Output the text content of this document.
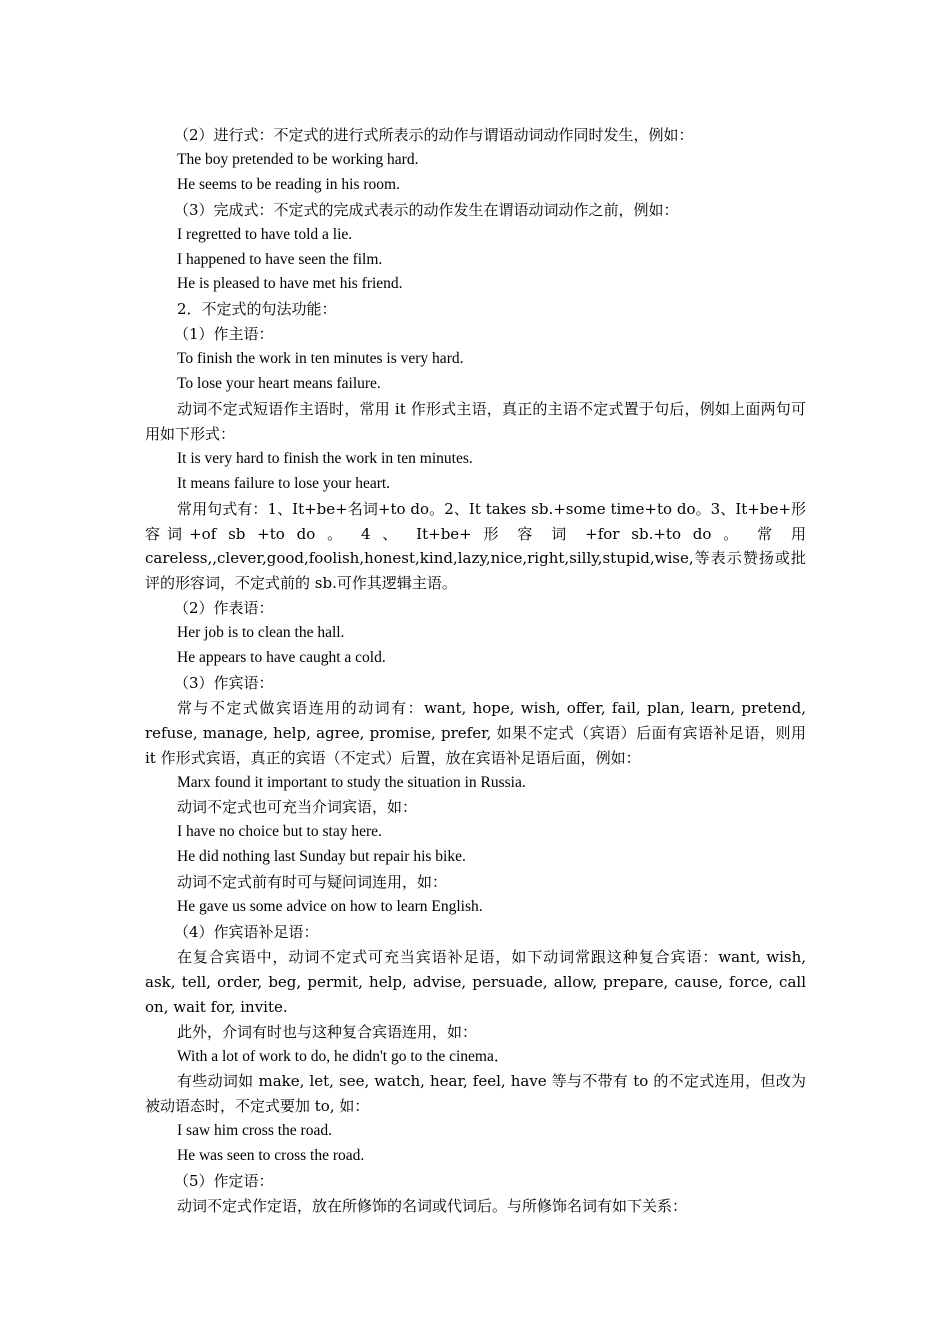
（2）进行式：不定式的进行式所表示的动作与谓语动词动作同时发生，例如：

The boy pretended to be working hard.

He seems to be reading in his room.

（3）完成式：不定式的完成式表示的动作发生在谓语动词动作之前，例如：

I regretted to have told a lie.

I happened to have seen the film.

He is pleased to have met his friend.

2．不定式的句法功能：

（1）作主语：

To finish the work in ten minutes is very hard.

To lose your heart means failure.

动词不定式短语作主语时，常用 it 作形式主语，真正的主语不定式置于句后，例如上面两句可用如下形式：

It is very hard to finish the work in ten minutes.

It means failure to lose your heart.

常用句式有：1、It+be+名词+to do。2、It takes sb.+some time+to do。3、It+be+形容词+of sb +to do 。 4 、 It+be+ 形 容 词 +for sb.+to do 。 常 用 careless,,clever,good,foolish,honest,kind,lazy,nice,right,silly,stupid,wise,等表示赞扬或批评的形容词，不定式前的 sb.可作其逻辑主语。

（2）作表语：

Her job is to clean the hall.

He appears to have caught a cold.

（3）作宾语：

常与不定式做宾语连用的动词有：want, hope, wish, offer, fail, plan, learn, pretend, refuse, manage, help, agree, promise, prefer, 如果不定式（宾语）后面有宾语补足语，则用 it 作形式宾语，真正的宾语（不定式）后置，放在宾语补足语后面，例如：

Marx found it important to study the situation in Russia.

动词不定式也可充当介词宾语，如：

I have no choice but to stay here.

He did nothing last Sunday but repair his bike.

动词不定式前有时可与疑问词连用，如：

He gave us some advice on how to learn English.

（4）作宾语补足语：

在复合宾语中，动词不定式可充当宾语补足语，如下动词常跟这种复合宾语：want, wish, ask, tell, order, beg, permit, help, advise, persuade, allow, prepare, cause, force, call on, wait for, invite.

此外，介词有时也与这种复合宾语连用，如：

With a lot of work to do, he didn't go to the cinema．

有些动词如 make, let, see, watch, hear, feel, have 等与不带有 to 的不定式连用，但改为被动语态时，不定式要加 to, 如：

I saw him cross the road.

He was seen to cross the road.

（5）作定语：

动词不定式作定语，放在所修饰的名词或代词后。与所修饰名词有如下关系：
